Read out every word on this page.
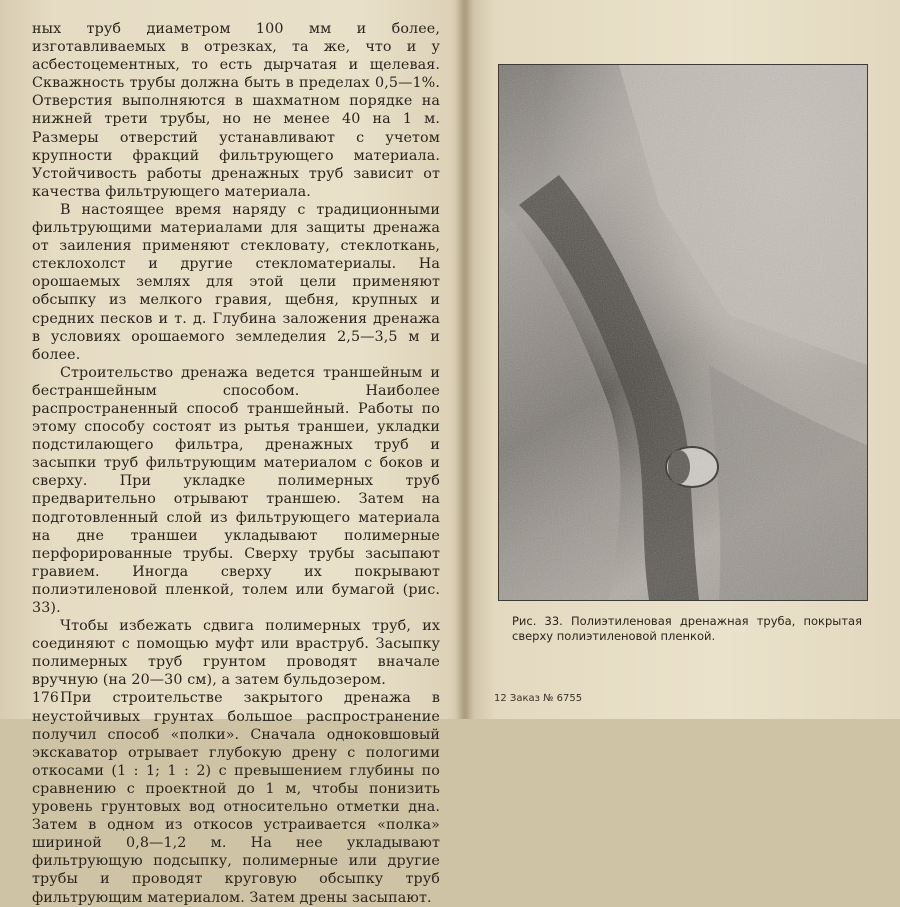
ных труб диаметром 100 мм и более, изготавливаемых в отрезках, та же, что и у асбестоцементных, то есть дырчатая и щелевая. Скважность трубы должна быть в пределах 0,5—1%. Отверстия выполняются в шахматном порядке на нижней трети трубы, но не менее 40 на 1 м. Размеры отверстий устанавливают с учетом крупности фракций фильтрующего материала. Устойчивость работы дренажных труб зависит от качества фильтрующего материала.

В настоящее время наряду с традиционными фильтрующими материалами для защиты дренажа от заиления применяют стекловату, стеклоткань, стеклохолст и другие стекломатериалы. На орошаемых землях для этой цели применяют обсыпку из мелкого гравия, щебня, крупных и средних песков и т. д. Глубина заложения дренажа в условиях орошаемого земледелия 2,5—3,5 м и более.

Строительство дренажа ведется траншейным и бестраншейным способом. Наиболее распространенный способ траншейный. Работы по этому способу состоят из рытья траншеи, укладки подстилающего фильтра, дренажных труб и засыпки труб фильтрующим материалом с боков и сверху. При укладке полимерных труб предварительно отрывают траншею. Затем на подготовленный слой из фильтрующего материала на дне траншеи укладывают полимерные перфорированные трубы. Сверху трубы засыпают гравием. Иногда сверху их покрывают полиэтиленовой пленкой, толем или бумагой (рис. 33).

Чтобы избежать сдвига полимерных труб, их соединяют с помощью муфт или враструб. Засыпку полимерных труб грунтом проводят вначале вручную (на 20—30 см), а затем бульдозером.

При строительстве закрытого дренажа в неустойчивых грунтах большое распространение получил способ «полки». Сначала одноковшовый экскаватор отрывает глубокую дрену с пологими откосами (1 : 1; 1 : 2) с превышением глубины по сравнению с проектной до 1 м, чтобы понизить уровень грунтовых вод относительно отметки дна. Затем в одном из откосов устраивается «полка» шириной 0,8—1,2 м. На нее укладывают фильтрующую подсыпку, полимерные или другие трубы и проводят круговую обсыпку труб фильтрующим материалом. Затем дрены засыпают.

176
Рис. 33. Полиэтиленовая дренажная труба, покрытая сверху полиэтиленовой пленкой.
12 Заказ № 6755
